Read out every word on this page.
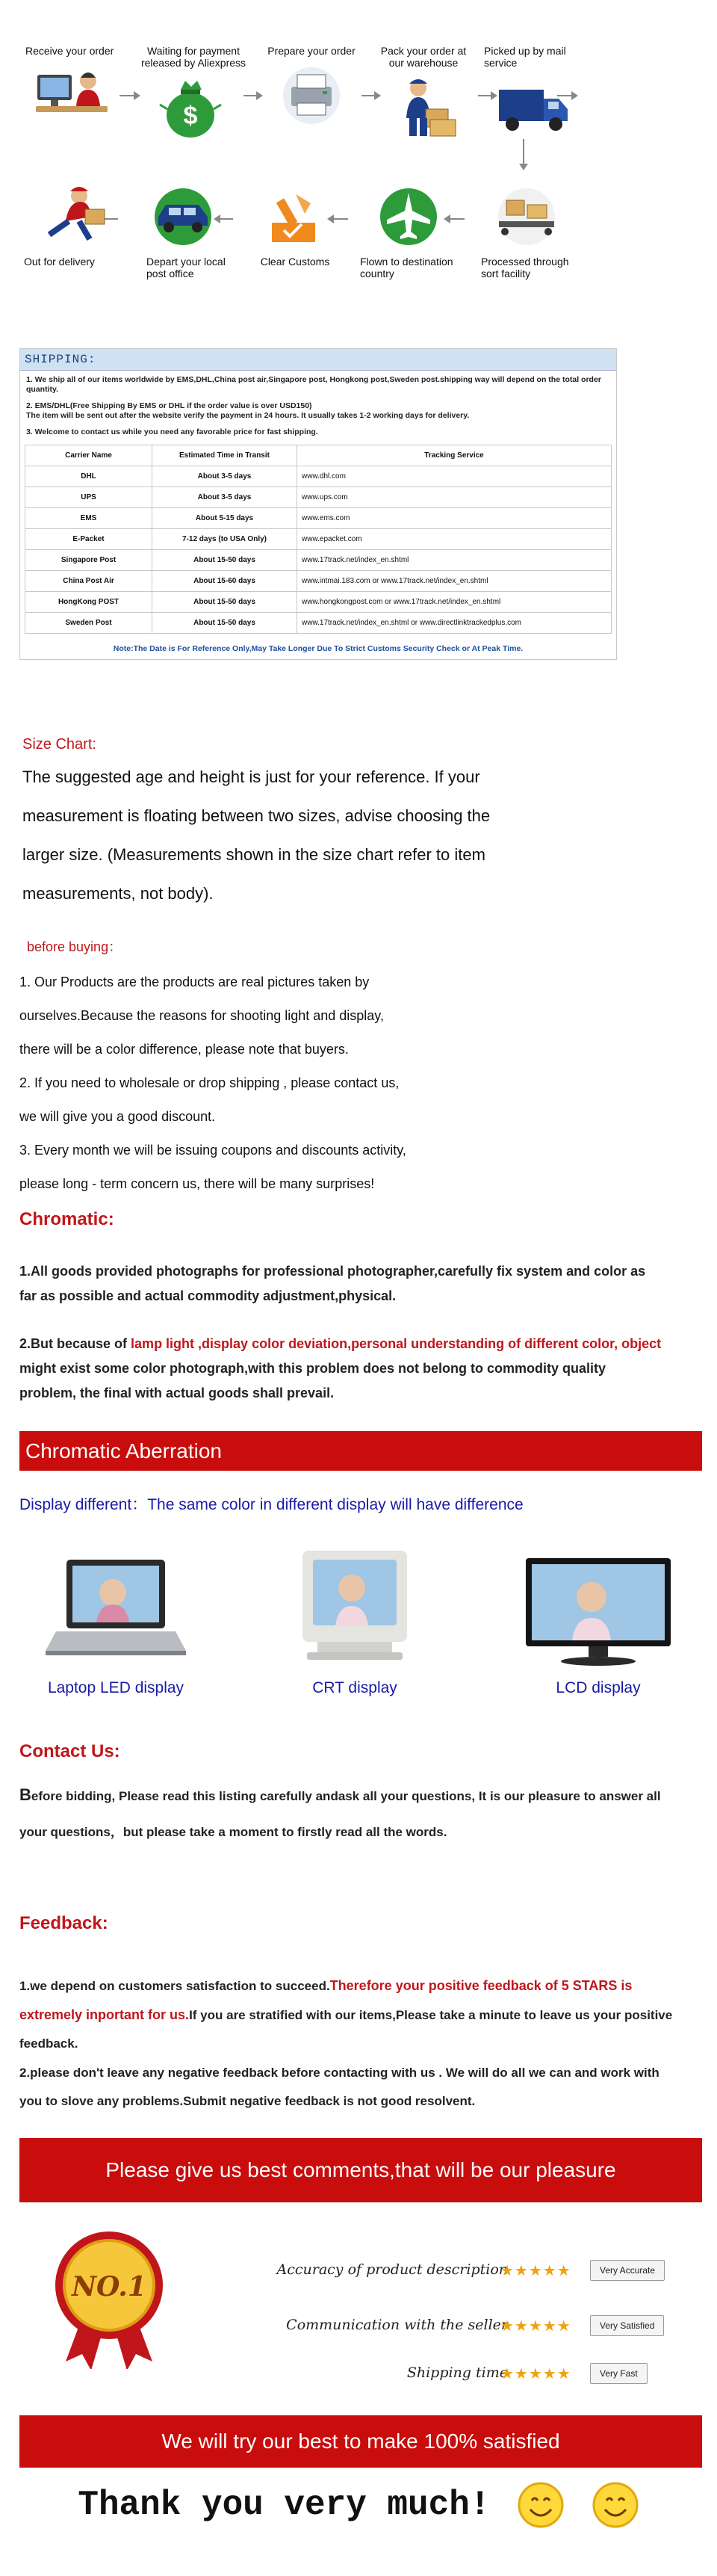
Receive your order	Waiting for payment released by Aliexpress
$
Prepare your order	Pack your order at our warehouse
Picked up by mail service
Processed through sort facility
Flown to destination country
Clear Customs
Depart your local post office
Out for delivery
SHIPPING:

1. We ship all of our items worldwide by EMS,DHL,China post air,Singapore post, Hongkong post,Sweden post.shipping way will depend on the total order quantity.

2. EMS/DHL(Free Shipping By EMS or DHL if the order value is over USD150)
The item will be sent out after the website verify the payment in 24 hours. It usually takes 1-2 working days for delivery.

3. Welcome to contact us while you need any favorable price for fast shipping.

Carrier Name	Estimated Time in Transit	Tracking Service
DHL	About 3-5 days	www.dhl.com
UPS	About 3-5 days	www.ups.com
EMS	About 5-15 days	www.ems.com
E-Packet	7-12 days (to USA Only)	www.epacket.com
Singapore Post	About 15-50 days	www.17track.net/index_en.shtml
China Post Air	About 15-60 days	www.intmai.183.com or www.17track.net/index_en.shtml
HongKong POST	About 15-50 days	www.hongkongpost.com or www.17track.net/index_en.shtml
Sweden Post	About 15-50 days	www.17track.net/index_en.shtml or www.directlinktrackedplus.com
Note:The Date is For Reference Only,May Take Longer Due To Strict Customs Security Check or At Peak Time.
Size Chart:
The suggested age and height is just for your reference. If your
measurement is floating between two sizes, advise choosing the
larger size. (Measurements shown in the size chart refer to item
measurements, not body).
before buying：
1. Our Products are the products are real pictures taken by
ourselves.Because the reasons for shooting light and display,
there will be a color difference, please note that buyers.
2. If you need to wholesale or drop shipping , please contact us,
we will give you a good discount.
3. Every month we will be issuing coupons and discounts activity,
please long - term concern us, there will be many surprises!
Chromatic:
1.All goods provided photographs for professional photographer,carefully fix system and color as far as possible and actual commodity adjustment,physical.
2.But because of lamp light ,display color deviation,personal understanding of different color, object might exist some color photograph,with this problem does not belong to commodity quality problem, the final with actual goods shall prevail.
Chromatic Aberration
Display different：The same color in different display will have difference
Laptop LED display	CRT display	LCD display
Contact Us:
Before bidding, Please read this listing carefully andask all your questions, It is our pleasure to answer all your questions，but please take a moment to firstly read all the words.
Feedback:
1.we depend on customers satisfaction to succeed.Therefore your positive feedback of 5 STARS is extremely inportant for us.If you are stratified with our items,Please take a minute to leave us your positive feedback.
2.please don't leave any negative feedback before contacting with us . We will do all we can and work with you to slove any problems.Submit negative feedback is not good resolvent.
Please give us best comments,that will be our pleasure
NO.1
Accuracy of product description
★★★★★	Very Accurate
Communication with the seller
★★★★★	Very Satisfied
Shipping time
★★★★★	Very Fast
We will try our best to make 100% satisfied
Thank you very much!
